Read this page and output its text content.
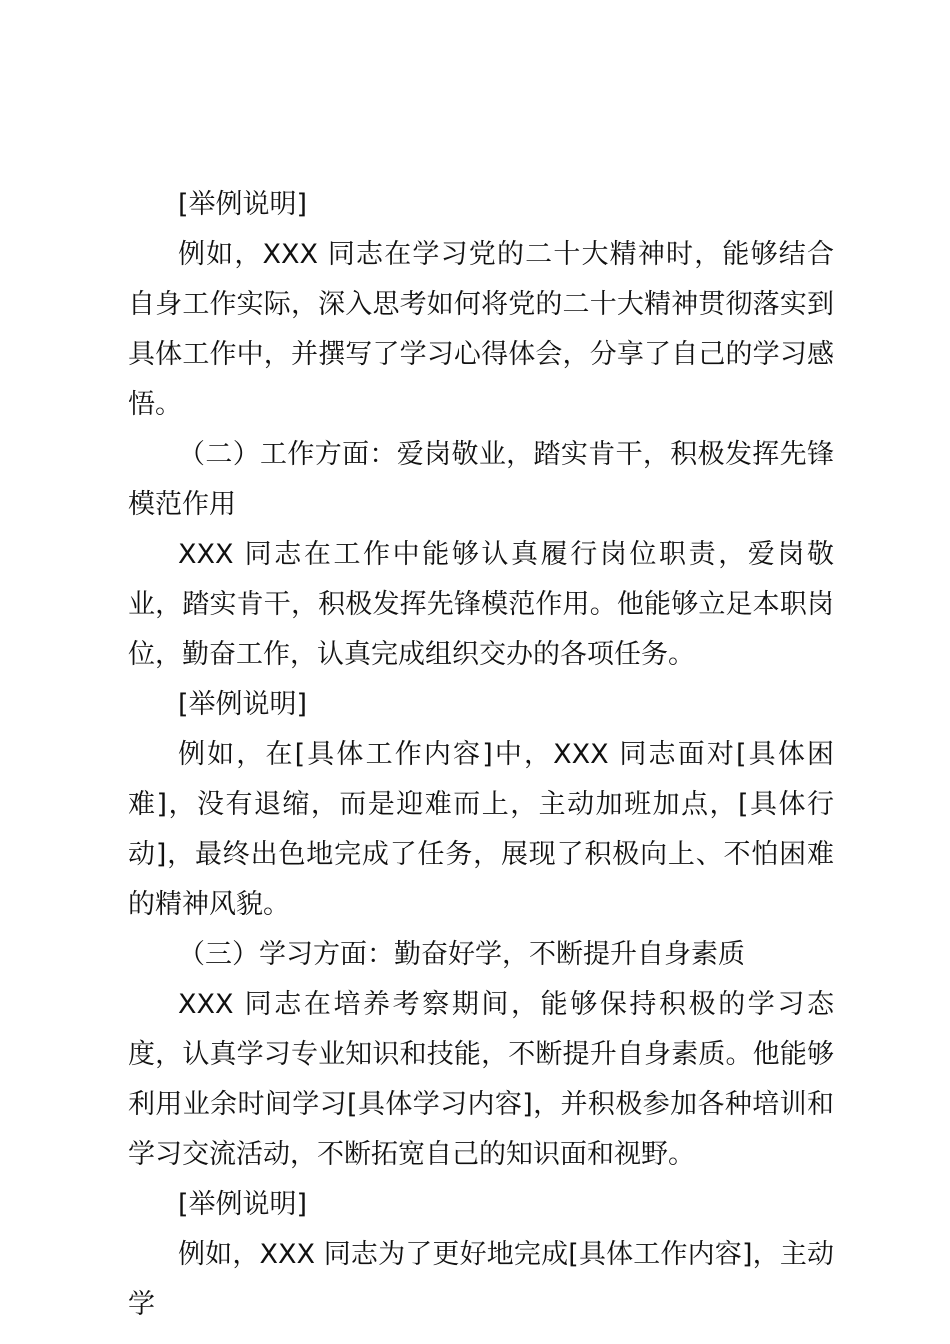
[举例说明]

例如，XXX 同志在学习党的二十大精神时，能够结合自身工作实际，深入思考如何将党的二十大精神贯彻落实到具体工作中，并撰写了学习心得体会，分享了自己的学习感悟。

（二）工作方面：爱岗敬业，踏实肯干，积极发挥先锋模范作用

XXX 同志在工作中能够认真履行岗位职责，爱岗敬业，踏实肯干，积极发挥先锋模范作用。他能够立足本职岗位，勤奋工作，认真完成组织交办的各项任务。

[举例说明]

例如，在[具体工作内容]中，XXX 同志面对[具体困难]，没有退缩，而是迎难而上，主动加班加点，[具体行动]，最终出色地完成了任务，展现了积极向上、不怕困难的精神风貌。

（三）学习方面：勤奋好学，不断提升自身素质

XXX 同志在培养考察期间，能够保持积极的学习态度，认真学习专业知识和技能，不断提升自身素质。他能够利用业余时间学习[具体学习内容]，并积极参加各种培训和学习交流活动，不断拓宽自己的知识面和视野。

[举例说明]

例如，XXX 同志为了更好地完成[具体工作内容]，主动学
